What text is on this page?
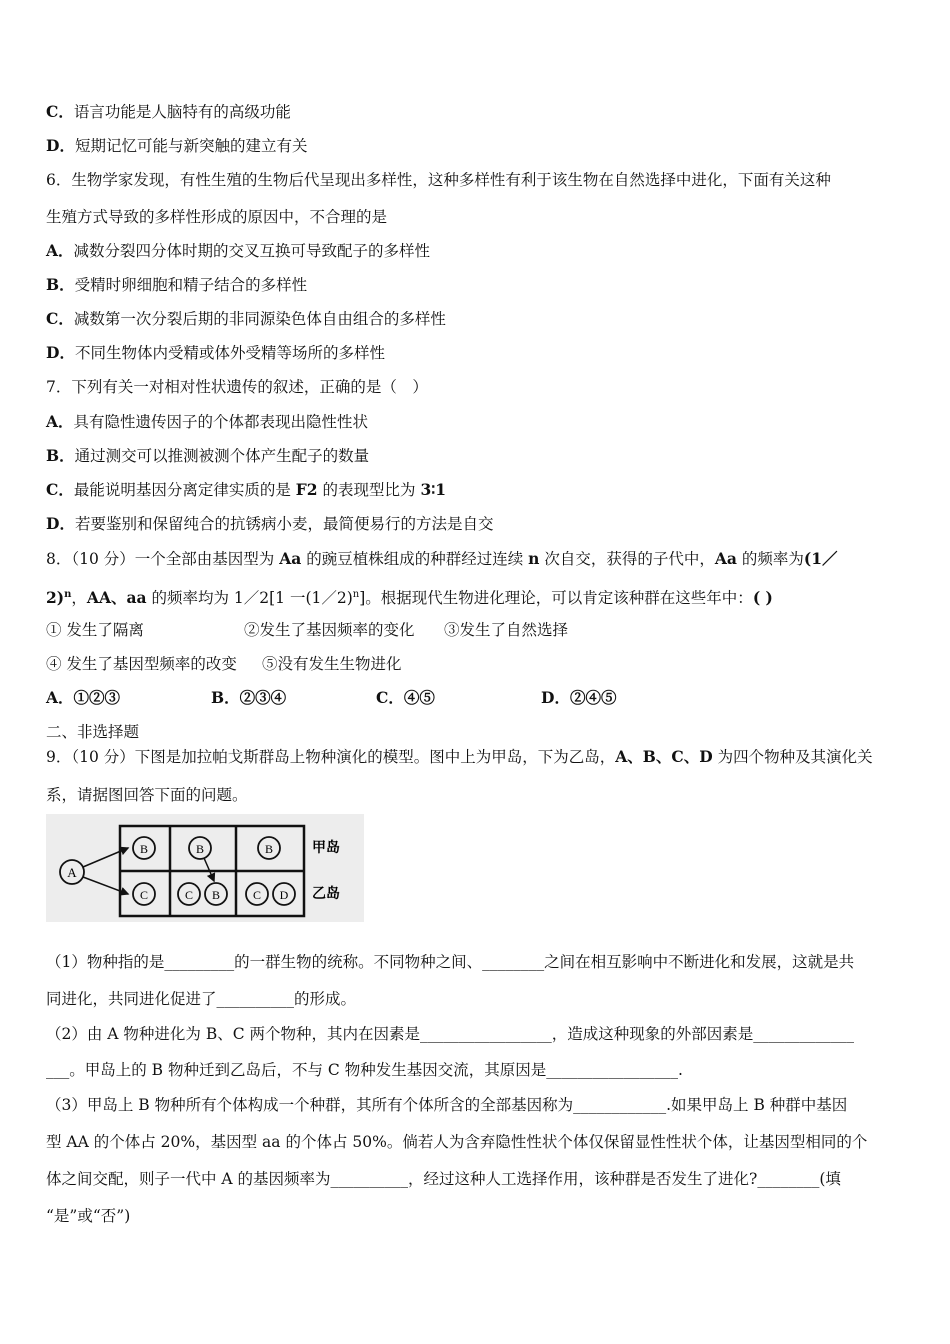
C．语言功能是人脑特有的高级功能
D．短期记忆可能与新突触的建立有关
6．生物学家发现，有性生殖的生物后代呈现出多样性，这种多样性有利于该生物在自然选择中进化，下面有关这种
生殖方式导致的多样性形成的原因中，不合理的是
A．减数分裂四分体时期的交叉互换可导致配子的多样性
B．受精时卵细胞和精子结合的多样性
C．减数第一次分裂后期的非同源染色体自由组合的多样性
D．不同生物体内受精或体外受精等场所的多样性
7．下列有关一对相对性状遗传的叙述，正确的是（　）
A．具有隐性遗传因子的个体都表现出隐性性状
B．通过测交可以推测被测个体产生配子的数量
C．最能说明基因分离定律实质的是 F2 的表现型比为 3∶1
D．若要鉴别和保留纯合的抗锈病小麦，最简便易行的方法是自交
8．（10 分）一个全部由基因型为 Aa 的豌豆植株组成的种群经过连续 n 次自交，获得的子代中，Aa 的频率为(1／
2)$^n$，AA、aa 的频率均为 1／2[1 一(1／2)$^n$]。根据现代生物进化理论，可以肯定该种群在这些年中：( )
① 发生了隔离	②发生了基因频率的变化 ③发生了自然选择
④ 发生了基因型频率的改变 ⑤没有发生生物进化
A．①②③	B．②③④	C．④⑤	D．②④⑤
二、非选择题
9．（10 分）下图是加拉帕戈斯群岛上物种演化的模型。图中上为甲岛，下为乙岛，A、B、C、D 为四个物种及其演化关
系，请据图回答下面的问题。
A
B	B	B
C	C B	C D
甲岛
乙岛
（1）物种指的是_________的一群生物的统称。不同物种之间、________之间在相互影响中不断进化和发展，这就是共
同进化，共同进化促进了__________的形成。
（2）由 A 物种进化为 B、C 两个物种，其内在因素是_________________，造成这种现象的外部因素是_____________
___。甲岛上的 B 物种迁到乙岛后，不与 C 物种发生基因交流，其原因是_________________.
（3）甲岛上 B 物种所有个体构成一个种群，其所有个体所含的全部基因称为____________.如果甲岛上 B 种群中基因
型 AA 的个体占 20%，基因型 aa 的个体占 50%。倘若人为含弃隐性性状个体仅保留显性性状个体，让基因型相同的个
体之间交配，则子一代中 A 的基因频率为__________，经过这种人工选择作用，该种群是否发生了进化?________(填
“是”或“否”)
